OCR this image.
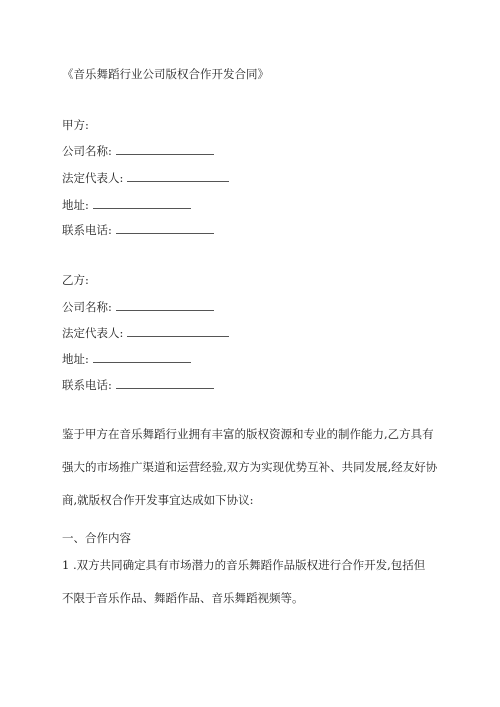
《音乐舞蹈行业公司版权合作开发合同》
甲方:
公司名称:
法定代表人:
地址:
联系电话:
乙方:
公司名称:
法定代表人:
地址:
联系电话:
鉴于甲方在音乐舞蹈行业拥有丰富的版权资源和专业的制作能力,乙方具有强大的市场推广渠道和运营经验,双方为实现优势互补、共同发展,经友好协商,就版权合作开发事宜达成如下协议:
一、合作内容
1 .双方共同确定具有市场潜力的音乐舞蹈作品版权进行合作开发,包括但不限于音乐作品、舞蹈作品、音乐舞蹈视频等。
